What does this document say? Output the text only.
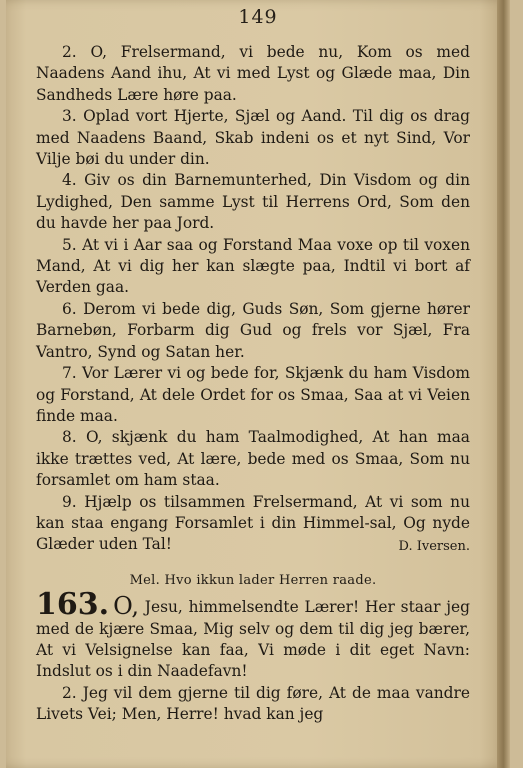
149

2. O, Frelsermand, vi bede nu, Kom os med Naadens Aand ihu, At vi med Lyst og Glæde maa, Din Sandheds Lære høre paa.

3. Oplad vort Hjerte, Sjæl og Aand. Til dig os drag med Naadens Baand, Skab indeni os et nyt Sind, Vor Vilje bøi du under din.

4. Giv os din Barnemunterhed, Din Visdom og din Lydighed, Den samme Lyst til Herrens Ord, Som den du havde her paa Jord.

5. At vi i Aar saa og Forstand Maa voxe op til voxen Mand, At vi dig her kan slægte paa, Indtil vi bort af Verden gaa.

6. Derom vi bede dig, Guds Søn, Som gjerne hører Barnebøn, Forbarm dig Gud og frels vor Sjæl, Fra Vantro, Synd og Satan her.

7. Vor Lærer vi og bede for, Skjænk du ham Visdom og Forstand, At dele Ordet for os Smaa, Saa at vi Veien finde maa.

8. O, skjænk du ham Taalmodighed, At han maa ikke trættes ved, At lære, bede med os Smaa, Som nu forsamlet om ham staa.

9. Hjælp os tilsammen Frelsermand, At vi som nu kan staa engang Forsamlet i din Himmel-sal, Og nyde Glæder uden Tal!	D. Iversen.

Mel. Hvo ikkun lader Herren raade.

163. O, Jesu, himmelsendte Lærer! Her staar jeg med de kjære Smaa, Mig selv og dem til dig jeg bærer, At vi Velsignelse kan faa, Vi møde i dit eget Navn: Indslut os i din Naadefavn!

2. Jeg vil dem gjerne til dig føre, At de maa vandre Livets Vei; Men, Herre! hvad kan jeg
